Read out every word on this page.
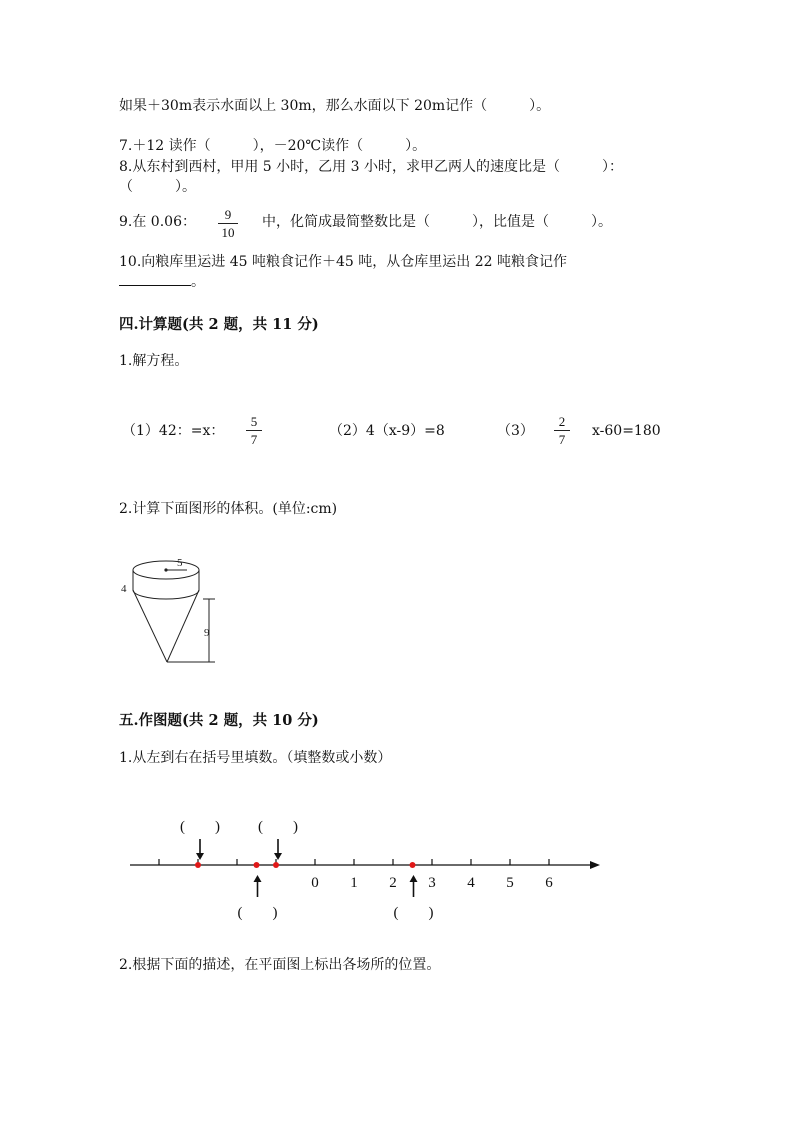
如果＋30m表示水面以上 30m，那么水面以下 20m记作（　　　）。
7.＋12 读作（　　　），－20℃读作（　　　）。
8.从东村到西村，甲用 5 小时，乙用 3 小时，求甲乙两人的速度比是（　　　）：
（　　　）。
9.在 0.06：	9
10
中，化简成最简整数比是（　　　），比值是（　　　）。
10.向粮库里运进 45 吨粮食记作＋45 吨，从仓库里运出 22 吨粮食记作
。
四.计算题(共 2 题，共 11 分)
1.解方程。
（1）42：=x：
5
7
（2）4（x-9）=8	（3）
2
7
x-60=180
2.计算下面图形的体积。(单位:cm)
5
4
9
五.作图题(共 2 题，共 10 分)
1.从左到右在括号里填数。（填整数或小数）
0 1 2 3 4 5 6
(　　)	(　　)
(　　)	(　　)
2.根据下面的描述，在平面图上标出各场所的位置。
